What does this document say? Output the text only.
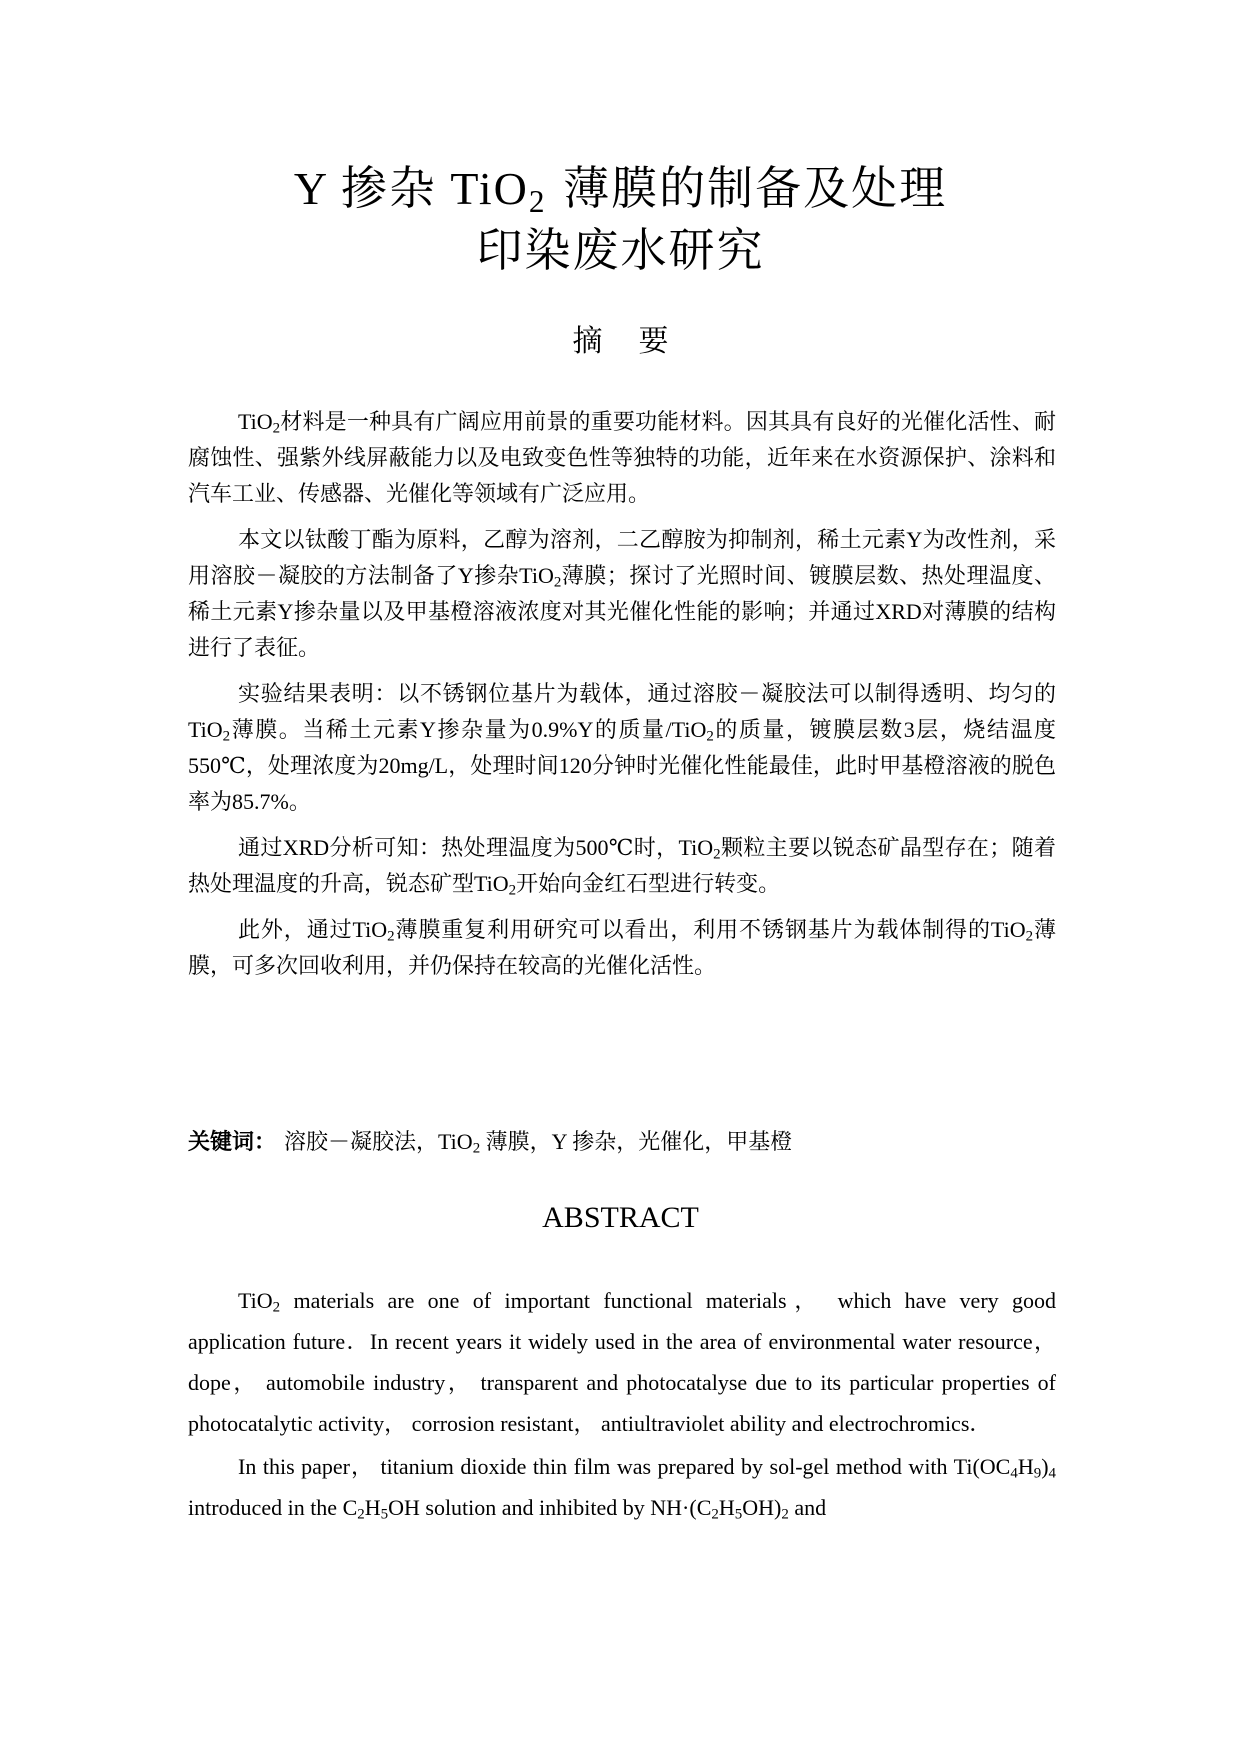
Y 掺杂 TiO$_2$ 薄膜的制备及处理
印染废水研究
摘 要

TiO$_2$材料是一种具有广阔应用前景的重要功能材料。因其具有良好的光催化活性、耐腐蚀性、强紫外线屏蔽能力以及电致变色性等独特的功能，近年来在水资源保护、涂料和汽车工业、传感器、光催化等领域有广泛应用。

本文以钛酸丁酯为原料，乙醇为溶剂，二乙醇胺为抑制剂，稀土元素Y为改性剂，采用溶胶－凝胶的方法制备了Y掺杂TiO$_2$薄膜；探讨了光照时间、镀膜层数、热处理温度、稀土元素Y掺杂量以及甲基橙溶液浓度对其光催化性能的影响；并通过XRD对薄膜的结构进行了表征。

实验结果表明：以不锈钢位基片为载体，通过溶胶－凝胶法可以制得透明、均匀的TiO$_2$薄膜。当稀土元素Y掺杂量为0.9%Y的质量/TiO$_2$的质量，镀膜层数3层，烧结温度550℃，处理浓度为20mg/L，处理时间120分钟时光催化性能最佳，此时甲基橙溶液的脱色率为85.7%。

通过XRD分析可知：热处理温度为500℃时，TiO$_2$颗粒主要以锐态矿晶型存在；随着热处理温度的升高，锐态矿型TiO$_2$开始向金红石型进行转变。

此外，通过TiO$_2$薄膜重复利用研究可以看出，利用不锈钢基片为载体制得的TiO$_2$薄膜，可多次回收利用，并仍保持在较高的光催化活性。

关键词： 溶胶－凝胶法，TiO$_2$ 薄膜，Y 掺杂，光催化，甲基橙
ABSTRACT

TiO$_2$ materials are one of important functional materials， which have very good application future．In recent years it widely used in the area of environmental water resource， dope， automobile industry， transparent and photocatalyse due to its particular properties of photocatalytic activity， corrosion resistant， antiultraviolet ability and electrochromics．

In this paper， titanium dioxide thin film was prepared by sol-gel method with $Ti(OC_4H_9)_4$ introduced in the $C_2H_5OH$ solution and inhibited by $NH\cdot(C_2H_5OH)_2$ and
